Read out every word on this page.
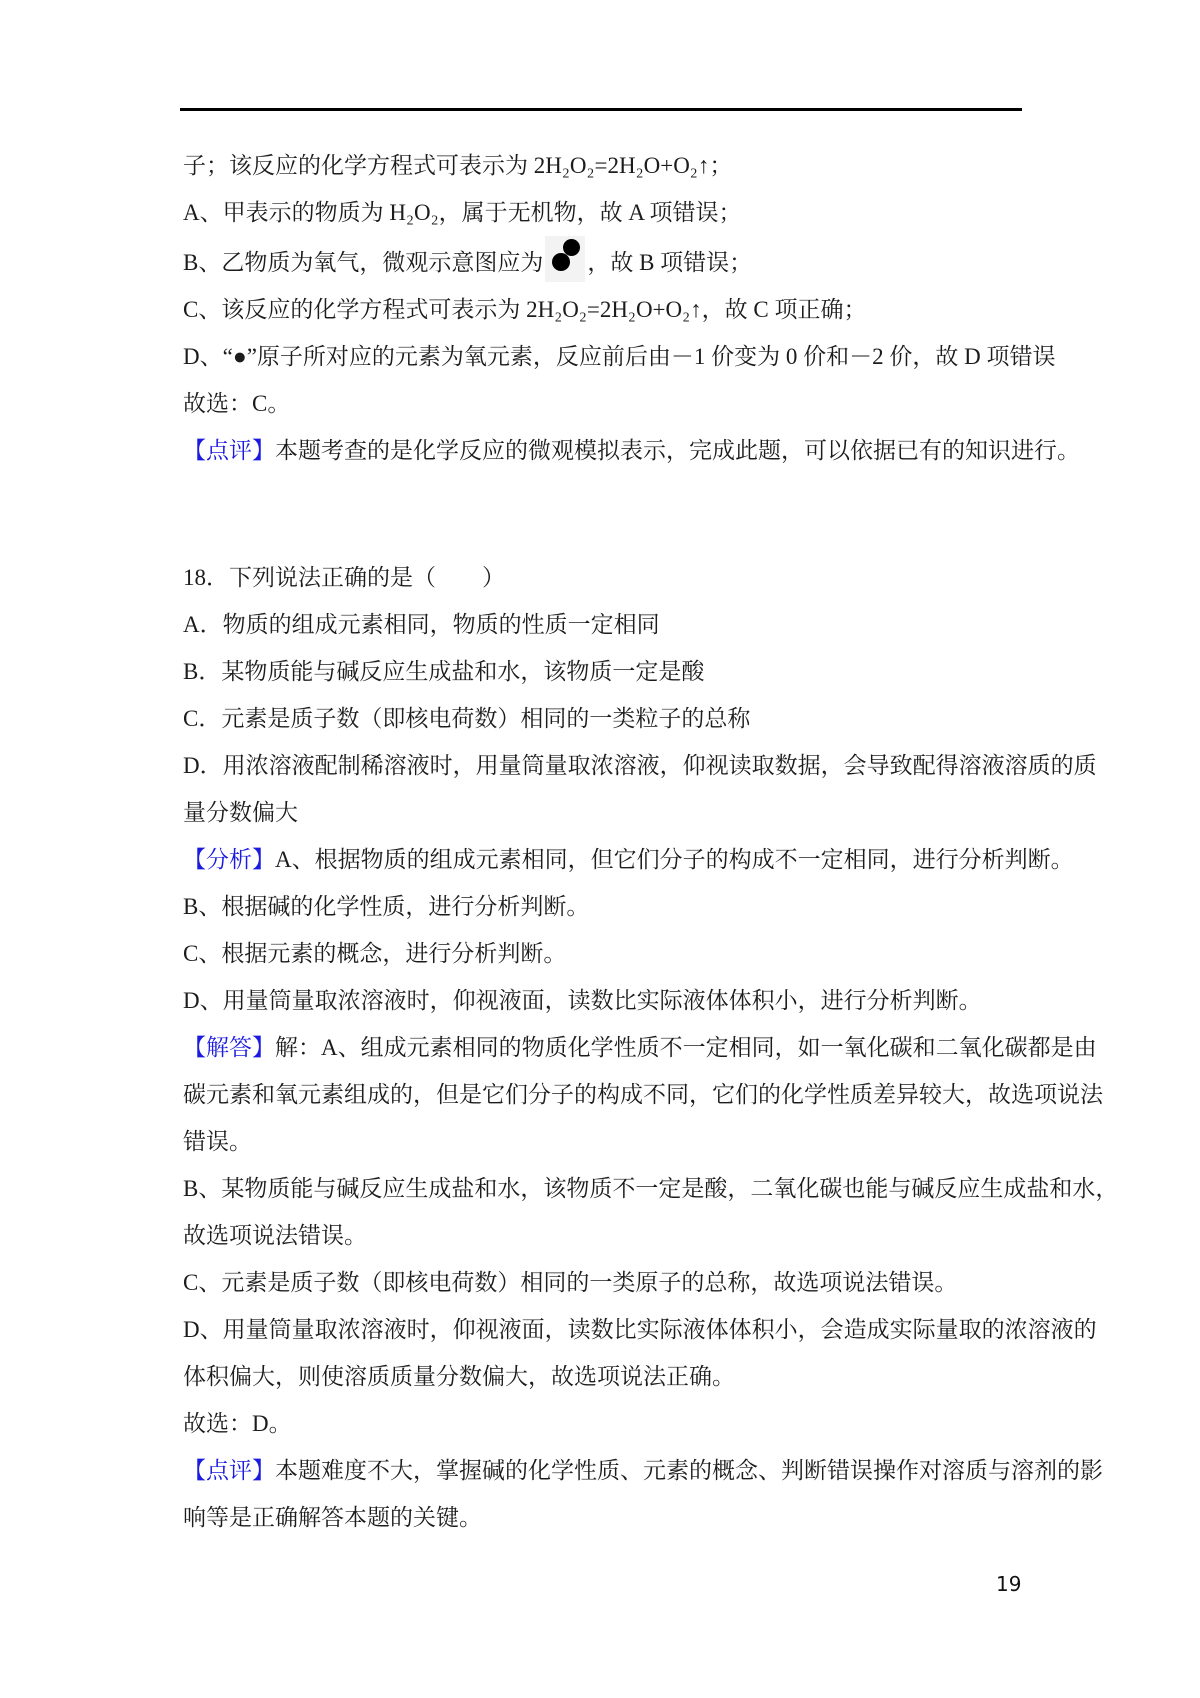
子；该反应的化学方程式可表示为 2H₂O₂=2H₂O+O₂↑；
A、甲表示的物质为 H₂O₂，属于无机物，故 A 项错误；
B、乙物质为氧气，微观示意图应为 ，故 B 项错误；
C、该反应的化学方程式可表示为 2H₂O₂=2H₂O+O₂↑，故 C 项正确；
D、“●”原子所对应的元素为氧元素，反应前后由－1 价变为 0 价和－2 价，故 D 项错误
故选：C。
【点评】本题考查的是化学反应的微观模拟表示，完成此题，可以依据已有的知识进行。
18．下列说法正确的是（　　）
A．物质的组成元素相同，物质的性质一定相同
B．某物质能与碱反应生成盐和水，该物质一定是酸
C．元素是质子数（即核电荷数）相同的一类粒子的总称
D．用浓溶液配制稀溶液时，用量筒量取浓溶液，仰视读取数据，会导致配得溶液溶质的质
量分数偏大
【分析】A、根据物质的组成元素相同，但它们分子的构成不一定相同，进行分析判断。
B、根据碱的化学性质，进行分析判断。
C、根据元素的概念，进行分析判断。
D、用量筒量取浓溶液时，仰视液面，读数比实际液体体积小，进行分析判断。
【解答】解：A、组成元素相同的物质化学性质不一定相同，如一氧化碳和二氧化碳都是由
碳元素和氧元素组成的，但是它们分子的构成不同，它们的化学性质差异较大，故选项说法
错误。
B、某物质能与碱反应生成盐和水，该物质不一定是酸，二氧化碳也能与碱反应生成盐和水，
故选项说法错误。
C、元素是质子数（即核电荷数）相同的一类原子的总称，故选项说法错误。
D、用量筒量取浓溶液时，仰视液面，读数比实际液体体积小，会造成实际量取的浓溶液的
体积偏大，则使溶质质量分数偏大，故选项说法正确。
故选：D。
【点评】本题难度不大，掌握碱的化学性质、元素的概念、判断错误操作对溶质与溶剂的影
响等是正确解答本题的关键。
19
